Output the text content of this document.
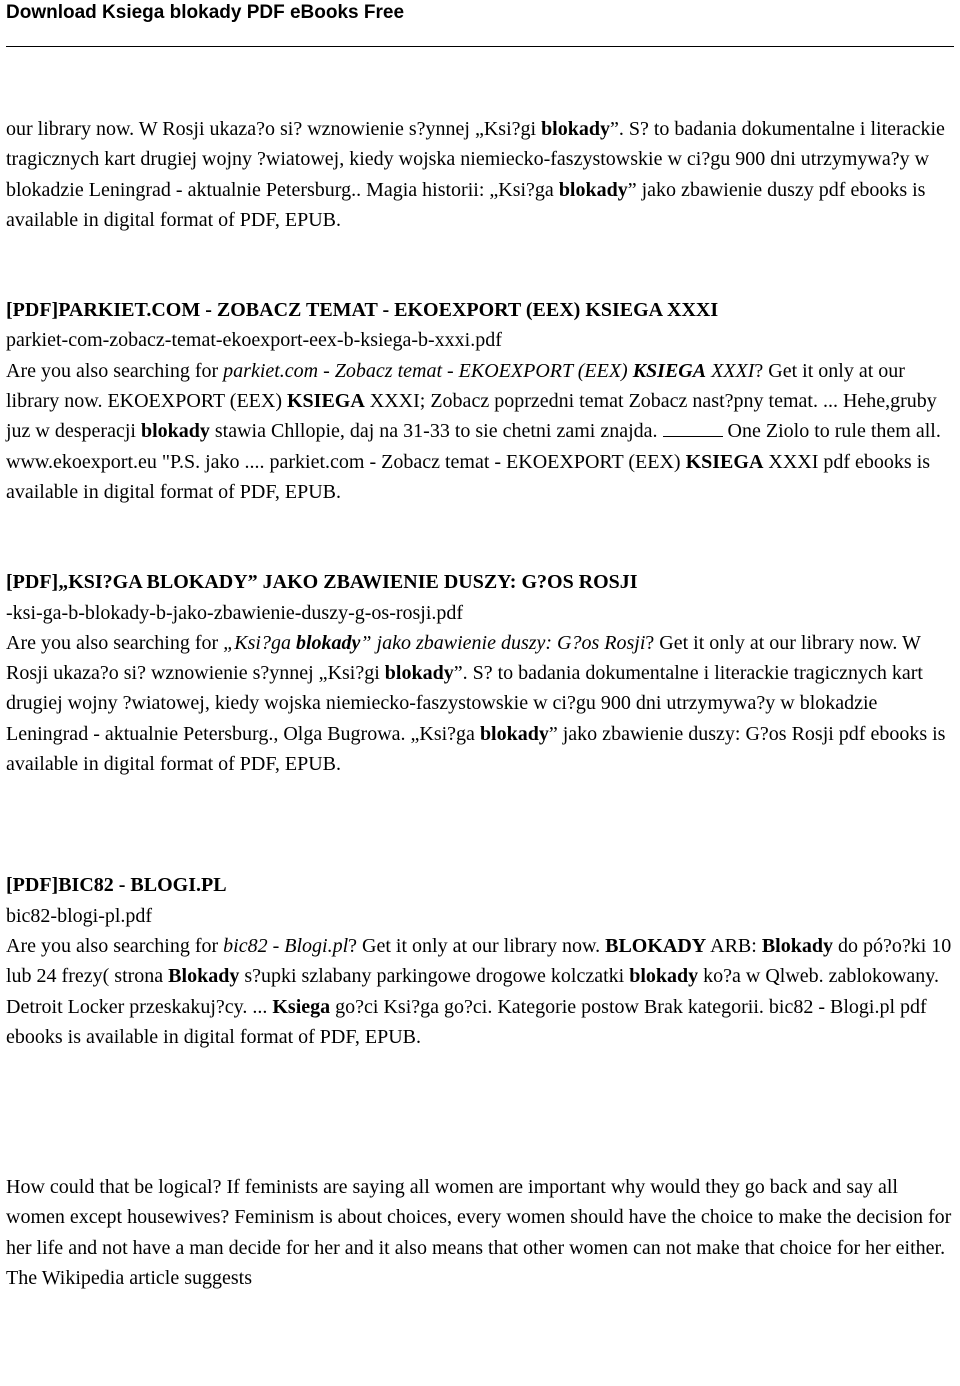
Download Ksiega blokady PDF eBooks Free

our library now. W Rosji ukaza?o si? wznowienie s?ynnej „Ksi?gi blokady”. S? to badania dokumentalne i literackie tragicznych kart drugiej wojny ?wiatowej, kiedy wojska niemiecko-faszystowskie w ci?gu 900 dni utrzymywa?y w blokadzie Leningrad - aktualnie Petersburg.. Magia historii: „Ksi?ga blokady” jako zbawienie duszy pdf ebooks is available in digital format of PDF, EPUB.

[PDF]PARKIET.COM - ZOBACZ TEMAT - EKOEXPORT (EEX) KSIEGA XXXI
parkiet-com-zobacz-temat-ekoexport-eex-b-ksiega-b-xxxi.pdf

Are you also searching for parkiet.com - Zobacz temat - EKOEXPORT (EEX) KSIEGA XXXI? Get it only at our library now. EKOEXPORT (EEX) KSIEGA XXXI; Zobacz poprzedni temat Zobacz nast?pny temat. ... Hehe,gruby juz w desperacji blokady stawia Chllopie, daj na 31-33 to sie chetni zami znajda.	One Ziolo to rule them all. www.ekoexport.eu "P.S. jako .... parkiet.com - Zobacz temat - EKOEXPORT (EEX) KSIEGA XXXI pdf ebooks is available in digital format of PDF, EPUB.

[PDF]„KSI?GA BLOKADY” JAKO ZBAWIENIE DUSZY: G?OS ROSJI
-ksi-ga-b-blokady-b-jako-zbawienie-duszy-g-os-rosji.pdf

Are you also searching for „Ksi?ga blokady” jako zbawienie duszy: G?os Rosji? Get it only at our library now. W Rosji ukaza?o si? wznowienie s?ynnej „Ksi?gi blokady”. S? to badania dokumentalne i literackie tragicznych kart drugiej wojny ?wiatowej, kiedy wojska niemiecko-faszystowskie w ci?gu 900 dni utrzymywa?y w blokadzie Leningrad - aktualnie Petersburg., Olga Bugrowa. „Ksi?ga blokady” jako zbawienie duszy: G?os Rosji pdf ebooks is available in digital format of PDF, EPUB.

[PDF]BIC82 - BLOGI.PL
bic82-blogi-pl.pdf

Are you also searching for bic82 - Blogi.pl? Get it only at our library now. BLOKADY ARB: Blokady do pó?o?ki 10 lub 24 frezy( strona Blokady s?upki szlabany parkingowe drogowe kolczatki blokady ko?a w Qlweb. zablokowany. Detroit Locker przeskakuj?cy. ... Ksiega go?ci Ksi?ga go?ci. Kategorie postow Brak kategorii. bic82 - Blogi.pl pdf ebooks is available in digital format of PDF, EPUB.

How could that be logical? If feminists are saying all women are important why would they go back and say all women except housewives? Feminism is about choices, every women should have the choice to make the decision for her life and not have a man decide for her and it also means that other women can not make that choice for her either. The Wikipedia article suggests
